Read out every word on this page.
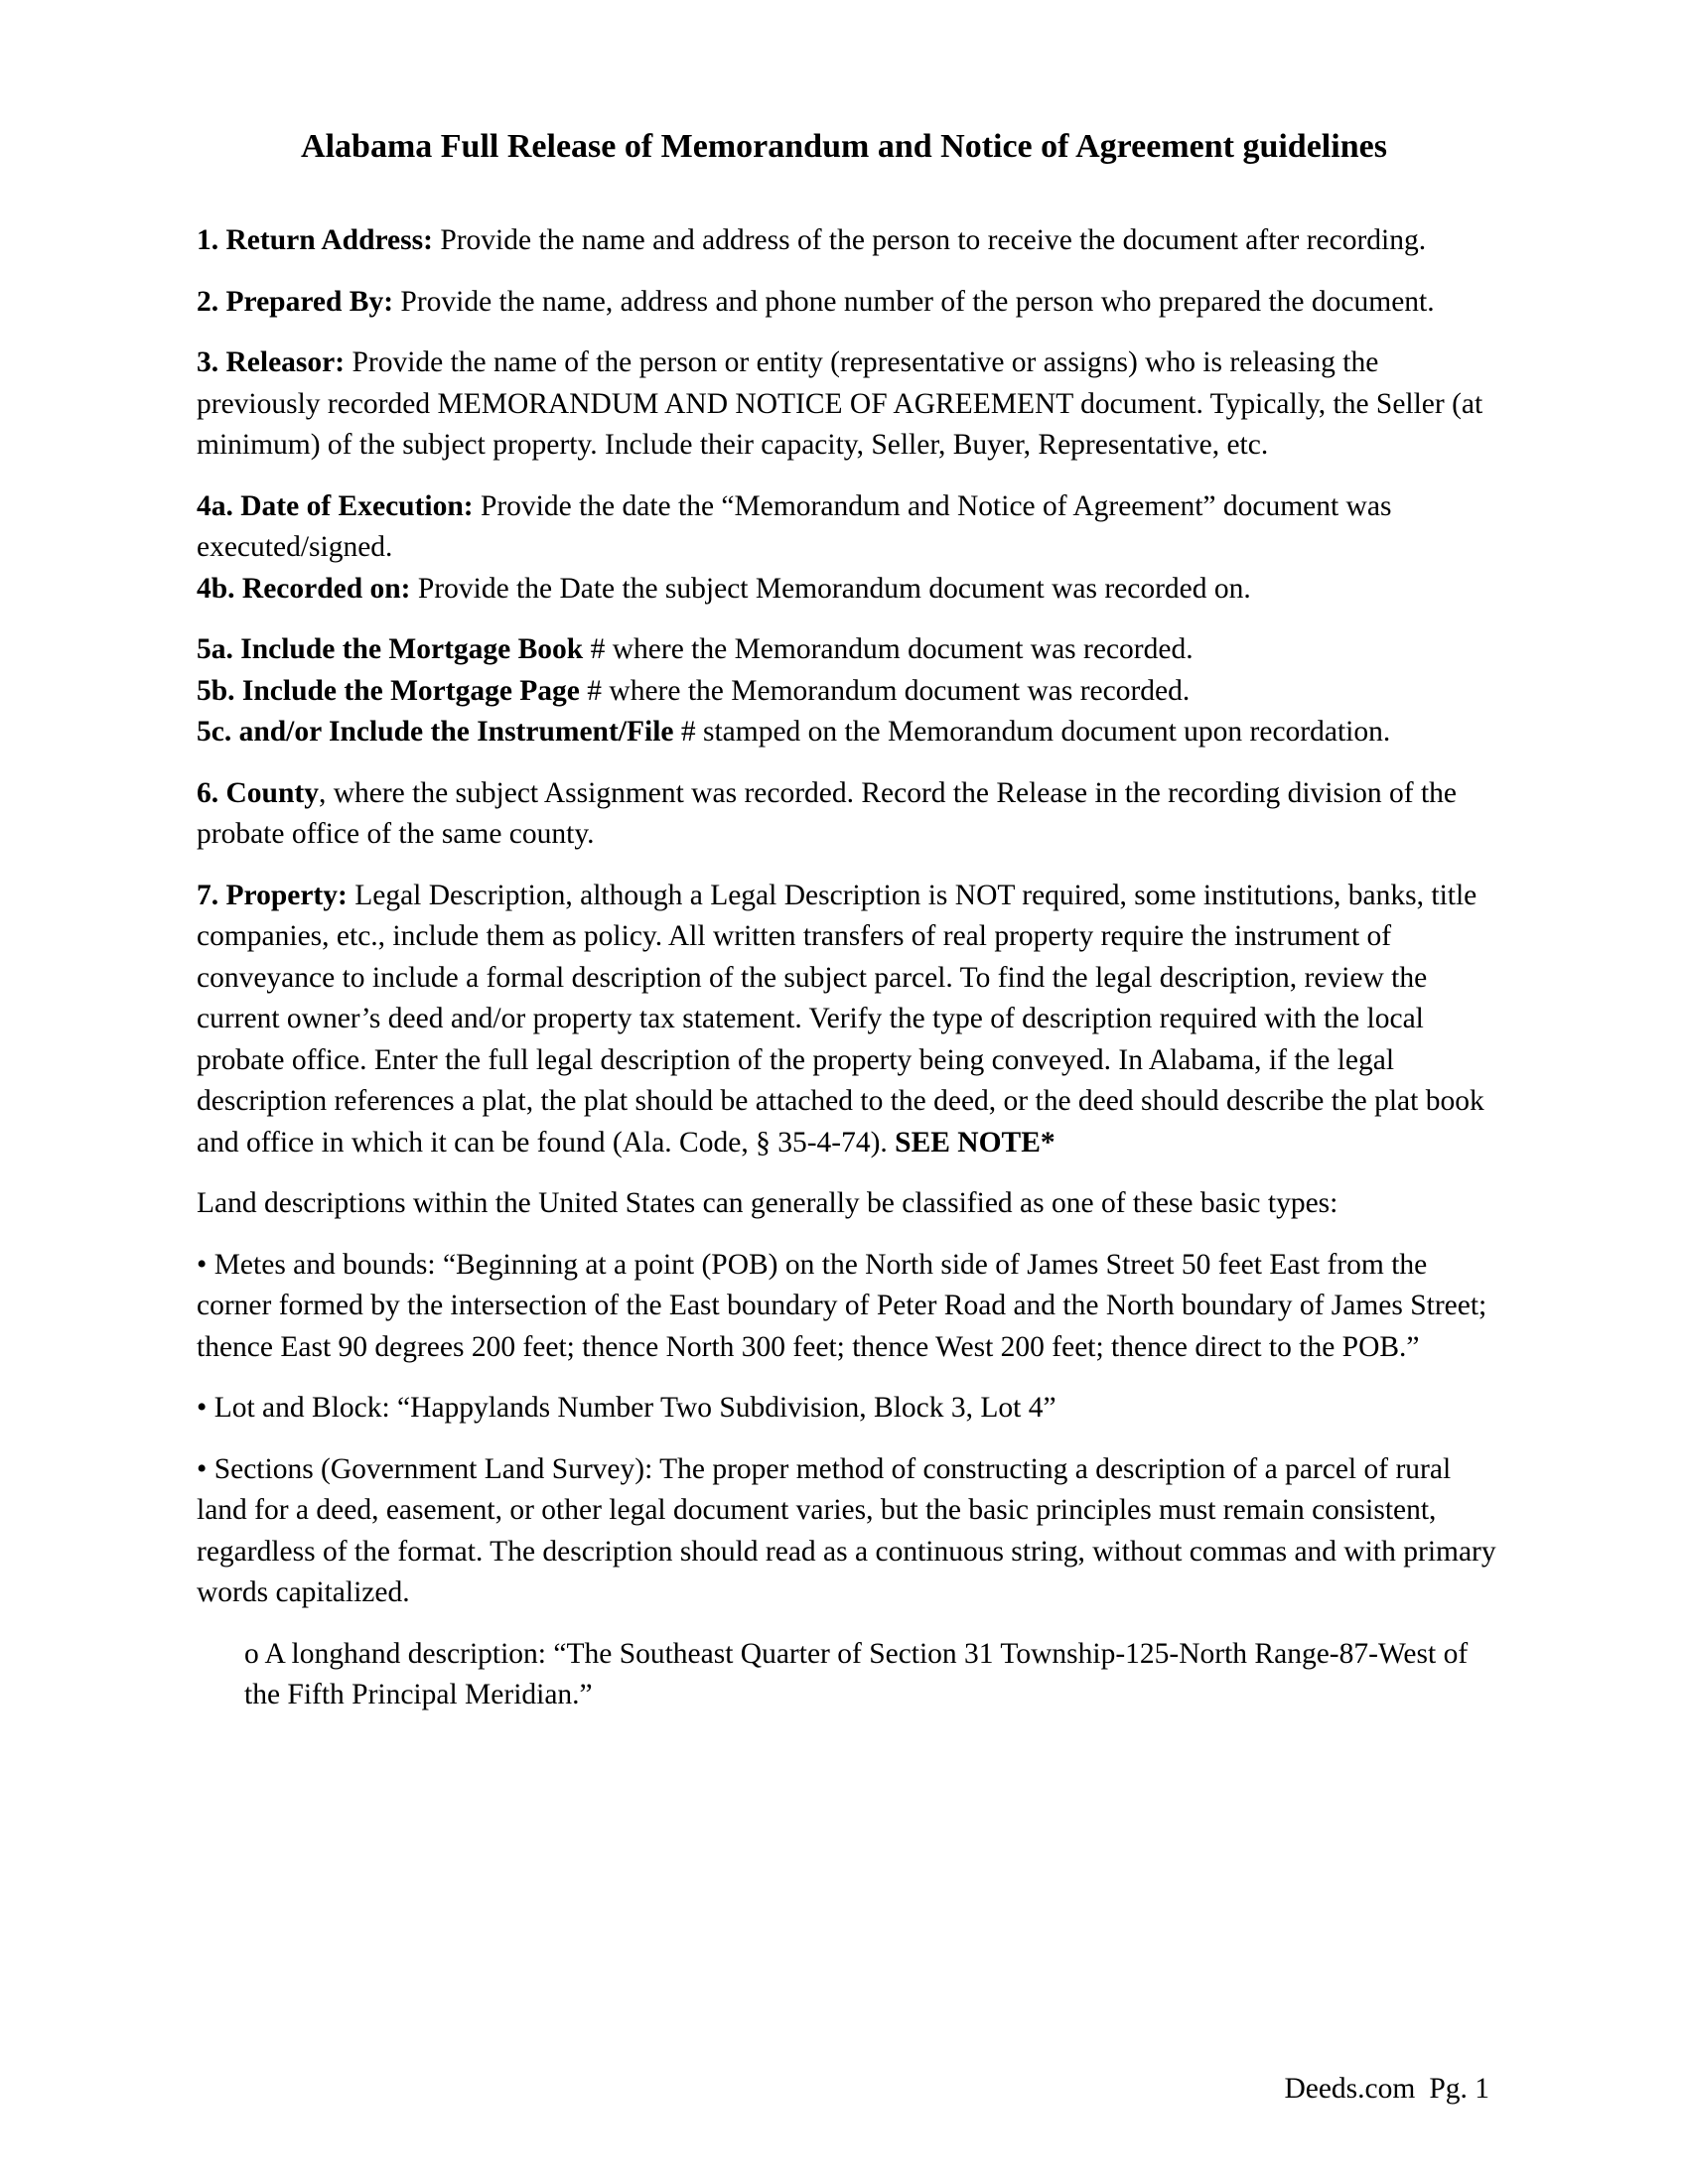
Alabama Full Release of Memorandum and Notice of Agreement guidelines

1. Return Address: Provide the name and address of the person to receive the document after recording.

2. Prepared By: Provide the name, address and phone number of the person who prepared the document.

3. Releasor: Provide the name of the person or entity (representative or assigns) who is releasing the previously recorded MEMORANDUM AND NOTICE OF AGREEMENT document. Typically, the Seller (at minimum) of the subject property. Include their capacity, Seller, Buyer, Representative, etc.

4a. Date of Execution: Provide the date the “Memorandum and Notice of Agreement” document was executed/signed.

4b. Recorded on: Provide the Date the subject Memorandum document was recorded on.

5a. Include the Mortgage Book # where the Memorandum document was recorded.

5b. Include the Mortgage Page # where the Memorandum document was recorded.

5c. and/or Include the Instrument/File # stamped on the Memorandum document upon recordation.

6. County, where the subject Assignment was recorded. Record the Release in the recording division of the probate office of the same county.

7. Property: Legal Description, although a Legal Description is NOT required, some institutions, banks, title companies, etc., include them as policy. All written transfers of real property require the instrument of conveyance to include a formal description of the subject parcel. To find the legal description, review the current owner’s deed and/or property tax statement. Verify the type of description required with the local probate office. Enter the full legal description of the property being conveyed. In Alabama, if the legal description references a plat, the plat should be attached to the deed, or the deed should describe the plat book and office in which it can be found (Ala. Code, § 35-4-74). SEE NOTE*

Land descriptions within the United States can generally be classified as one of these basic types:

• Metes and bounds: “Beginning at a point (POB) on the North side of James Street 50 feet East from the corner formed by the intersection of the East boundary of Peter Road and the North boundary of James Street; thence East 90 degrees 200 feet; thence North 300 feet; thence West 200 feet; thence direct to the POB.”

• Lot and Block: “Happylands Number Two Subdivision, Block 3, Lot 4”

• Sections (Government Land Survey): The proper method of constructing a description of a parcel of rural land for a deed, easement, or other legal document varies, but the basic principles must remain consistent, regardless of the format. The description should read as a continuous string, without commas and with primary words capitalized.

o A longhand description: “The Southeast Quarter of Section 31 Township-125-North Range-87-West of the Fifth Principal Meridian.”

Deeds.com Pg. 1
